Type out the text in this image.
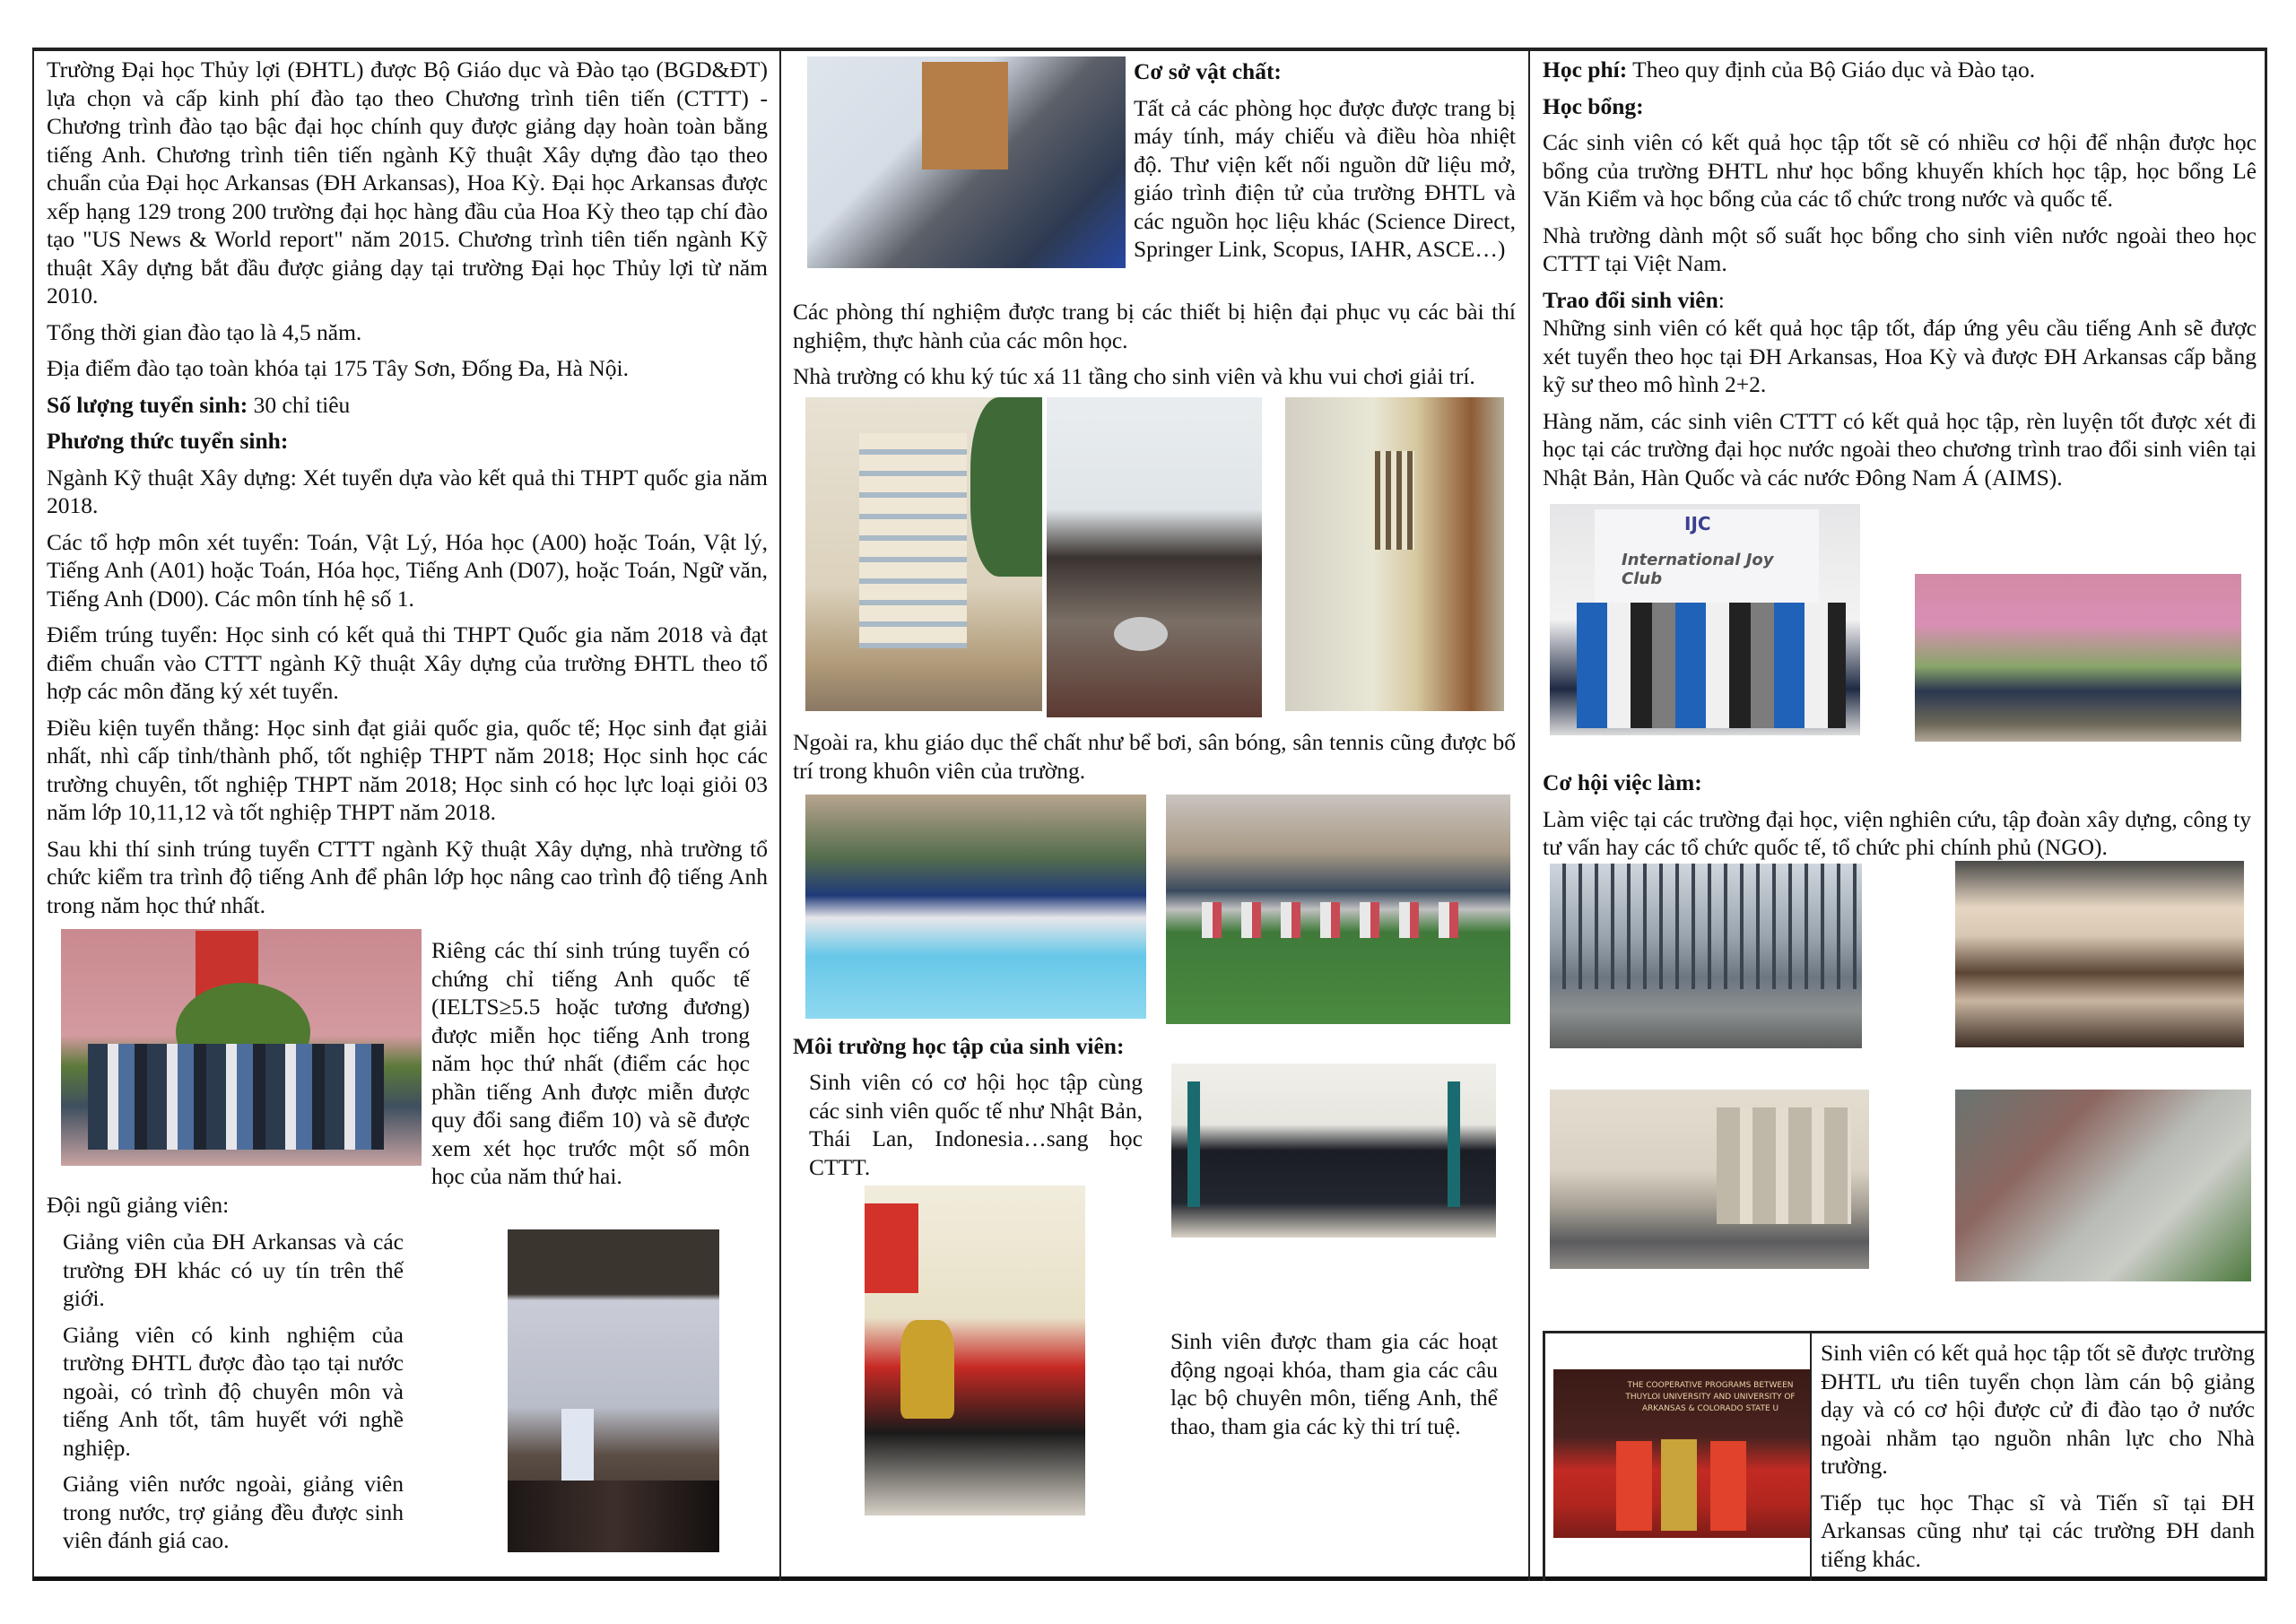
Trường Đại học Thủy lợi (ĐHTL) được Bộ Giáo dục và Đào tạo (BGD&ĐT) lựa chọn và cấp kinh phí đào tạo theo Chương trình tiên tiến (CTTT) - Chương trình đào tạo bậc đại học chính quy được giảng dạy hoàn toàn bằng tiếng Anh. Chương trình tiên tiến ngành Kỹ thuật Xây dựng đào tạo theo chuẩn của Đại học Arkansas (ĐH Arkansas), Hoa Kỳ. Đại học Arkansas được xếp hạng 129 trong 200 trường đại học hàng đầu của Hoa Kỳ theo tạp chí đào tạo "US News & World report" năm 2015. Chương trình tiên tiến ngành Kỹ thuật Xây dựng bắt đầu được giảng dạy tại trường Đại học Thủy lợi từ năm 2010.

Tổng thời gian đào tạo là 4,5 năm.

Địa điểm đào tạo toàn khóa tại 175 Tây Sơn, Đống Đa, Hà Nội.

Số lượng tuyển sinh: 30 chỉ tiêu

Phương thức tuyển sinh:

Ngành Kỹ thuật Xây dựng: Xét tuyển dựa vào kết quả thi THPT quốc gia năm 2018.

Các tổ hợp môn xét tuyển: Toán, Vật Lý, Hóa học (A00) hoặc Toán, Vật lý, Tiếng Anh (A01) hoặc Toán, Hóa học, Tiếng Anh (D07), hoặc Toán, Ngữ văn, Tiếng Anh (D00). Các môn tính hệ số 1.

Điểm trúng tuyển: Học sinh có kết quả thi THPT Quốc gia năm 2018 và đạt điểm chuẩn vào CTTT ngành Kỹ thuật Xây dựng của trường ĐHTL theo tổ hợp các môn đăng ký xét tuyển.

Điều kiện tuyển thẳng: Học sinh đạt giải quốc gia, quốc tế; Học sinh đạt giải nhất, nhì cấp tỉnh/thành phố, tốt nghiệp THPT năm 2018; Học sinh học các trường chuyên, tốt nghiệp THPT năm 2018; Học sinh có học lực loại giỏi 03 năm lớp 10,11,12 và tốt nghiệp THPT năm 2018.

Sau khi thí sinh trúng tuyển CTTT ngành Kỹ thuật Xây dựng, nhà trường tổ chức kiểm tra trình độ tiếng Anh để phân lớp học nâng cao trình độ tiếng Anh trong năm học thứ nhất.

Riêng các thí sinh trúng tuyển có chứng chỉ tiếng Anh quốc tế (IELTS≥5.5 hoặc tương đương) được miễn học tiếng Anh trong năm học thứ nhất (điểm các học phần tiếng Anh được miễn được quy đổi sang điểm 10) và sẽ được xem xét học trước một số môn học của năm thứ hai.
Đội ngũ giảng viên:

Giảng viên của ĐH Arkansas và các trường ĐH khác có uy tín trên thế giới.

Giảng viên có kinh nghiệm của trường ĐHTL được đào tạo tại nước ngoài, có trình độ chuyên môn và tiếng Anh tốt, tâm huyết với nghề nghiệp.

Giảng viên nước ngoài, giảng viên trong nước, trợ giảng đều được sinh viên đánh giá cao.

Cơ sở vật chất:

Tất cả các phòng học được được trang bị máy tính, máy chiếu và điều hòa nhiệt độ. Thư viện kết nối nguồn dữ liệu mở, giáo trình điện tử của trường ĐHTL và các nguồn học liệu khác (Science Direct, Springer Link, Scopus, IAHR, ASCE…)

Các phòng thí nghiệm được trang bị các thiết bị hiện đại phục vụ các bài thí nghiệm, thực hành của các môn học.

Nhà trường có khu ký túc xá 11 tầng cho sinh viên và khu vui chơi giải trí.

Ngoài ra, khu giáo dục thể chất như bể bơi, sân bóng, sân tennis cũng được bố trí trong khuôn viên của trường.
Môi trường học tập của sinh viên:
Sinh viên có cơ hội học tập cùng các sinh viên quốc tế như Nhật Bản, Thái Lan, Indonesia…sang học CTTT.
Sinh viên được tham gia các hoạt động ngoại khóa, tham gia các câu lạc bộ chuyên môn, tiếng Anh, thể thao, tham gia các kỳ thi trí tuệ.

Học phí: Theo quy định của Bộ Giáo dục và Đào tạo.

Học bổng:

Các sinh viên có kết quả học tập tốt sẽ có nhiều cơ hội để nhận được học bổng của trường ĐHTL như học bổng khuyến khích học tập, học bổng Lê Văn Kiểm và học bổng của các tổ chức trong nước và quốc tế.

Nhà trường dành một số suất học bổng cho sinh viên nước ngoài theo học CTTT tại Việt Nam.

Trao đổi sinh viên:

Những sinh viên có kết quả học tập tốt, đáp ứng yêu cầu tiếng Anh sẽ được xét tuyển theo học tại ĐH Arkansas, Hoa Kỳ và được ĐH Arkansas cấp bằng kỹ sư theo mô hình 2+2.

Hàng năm, các sinh viên CTTT có kết quả học tập, rèn luyện tốt được xét đi học tại các trường đại học nước ngoài theo chương trình trao đổi sinh viên tại Nhật Bản, Hàn Quốc và các nước Đông Nam Á (AIMS).

IJC
International Joy Club

Cơ hội việc làm:

Làm việc tại các trường đại học, viện nghiên cứu, tập đoàn xây dựng, công ty tư vấn hay các tổ chức quốc tế, tổ chức phi chính phủ (NGO).

THE COOPERATIVE PROGRAMS BETWEEN THUYLOI UNIVERSITY AND UNIVERSITY OF ARKANSAS & COLORADO STATE U

Sinh viên có kết quả học tập tốt sẽ được trường ĐHTL ưu tiên tuyển chọn làm cán bộ giảng dạy và có cơ hội được cử đi đào tạo ở nước ngoài nhằm tạo nguồn nhân lực cho Nhà trường.

Tiếp tục học Thạc sĩ và Tiến sĩ tại ĐH Arkansas cũng như tại các trường ĐH danh tiếng khác.
